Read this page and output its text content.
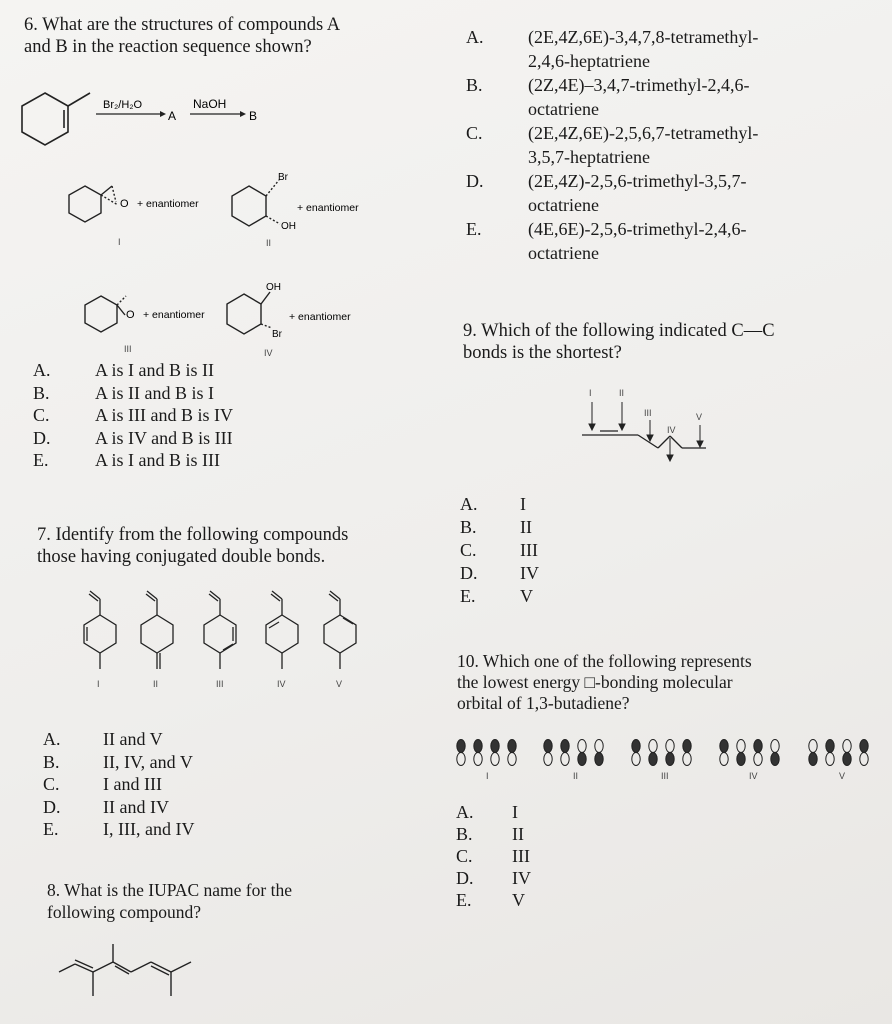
6. What are the structures of compounds A
and B in the reaction sequence shown?
Br₂/H₂O
A
NaOH
B
O + enantiomer
I
Br
OH
+ enantiomer
II
O + enantiomer
III
OH
Br
+ enantiomer
IV
A. A is I and B is II
B.	A is II and B is I
C.	A is III and B is IV
D. A is IV and B is III
E.	A is I and B is III
7. Identify from the following compounds
those having conjugated double bonds.
I	II	III	IV	V
A. II and V
B. II, IV, and V
C. I and III
D. II and IV
E. I, III, and IV
8. What is the IUPAC name for the
following compound?
A. (2E,4Z,6E)-3,4,7,8-tetramethyl-
2,4,6-heptatriene
B.	(2Z,4E)–3,4,7-trimethyl-2,4,6-
octatriene
C.	(2E,4Z,6E)-2,5,6,7-tetramethyl-
3,5,7-heptatriene
D. (2E,4Z)-2,5,6-trimethyl-3,5,7-
octatriene
E.	(4E,6E)-2,5,6-trimethyl-2,4,6-
octatriene
9. Which of the following indicated C—C
bonds is the shortest?
I	II
III
IV
V
A. I
B. II
C. III
D. IV
E. V
10. Which one of the following represents
the lowest energy □-bonding molecular
orbital of 1,3-butadiene?
I	II	III	IV	V
A. I
B. II
C. III
D. IV
E. V
